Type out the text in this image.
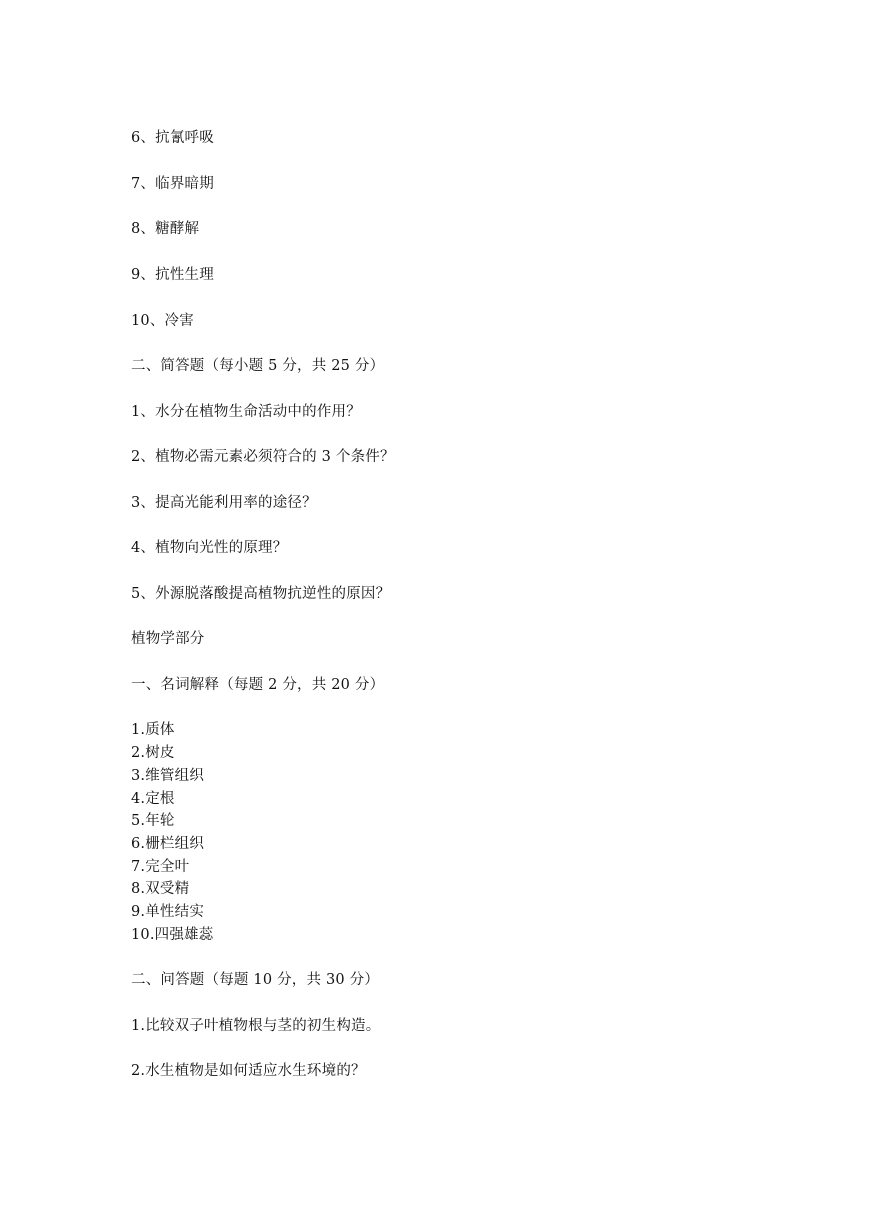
6、抗氰呼吸
7、临界暗期
8、糖酵解
9、抗性生理
10、冷害
二、简答题（每小题 5 分，共 25 分）
1、水分在植物生命活动中的作用？
2、植物必需元素必须符合的 3 个条件？
3、提高光能利用率的途径？
4、植物向光性的原理？
5、外源脱落酸提高植物抗逆性的原因？
植物学部分
一、名词解释（每题 2 分，共 20 分）
1.质体
2.树皮
3.维管组织
4.定根
5.年轮
6.栅栏组织
7.完全叶
8.双受精
9.单性结实
10.四强雄蕊
二、问答题（每题 10 分，共 30 分）
1.比较双子叶植物根与茎的初生构造。
2.水生植物是如何适应水生环境的？
